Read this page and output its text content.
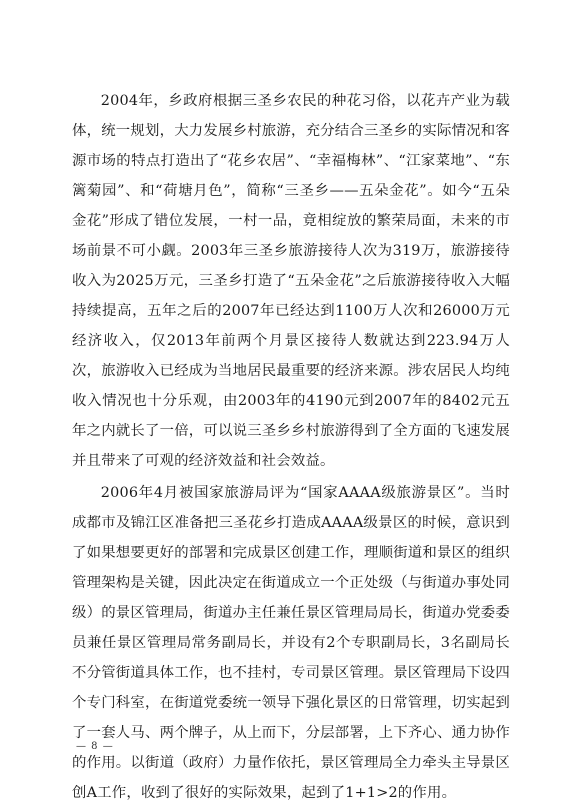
2004年，乡政府根据三圣乡农民的种花习俗，以花卉产业为载体，统一规划，大力发展乡村旅游，充分结合三圣乡的实际情况和客源市场的特点打造出了“花乡农居”、“幸福梅林”、“江家菜地”、“东篱菊园”、和“荷塘月色”，简称“三圣乡——五朵金花”。如今“五朵金花”形成了错位发展，一村一品，竟相绽放的繁荣局面，未来的市场前景不可小觑。2003年三圣乡旅游接待人次为319万，旅游接待收入为2025万元，三圣乡打造了“五朵金花”之后旅游接待收入大幅持续提高，五年之后的2007年已经达到1100万人次和26000万元经济收入，仅2013年前两个月景区接待人数就达到223.94万人次，旅游收入已经成为当地居民最重要的经济来源。涉农居民人均纯收入情况也十分乐观，由2003年的4190元到2007年的8402元五年之内就长了一倍，可以说三圣乡乡村旅游得到了全方面的飞速发展并且带来了可观的经济效益和社会效益。

2006年4月被国家旅游局评为“国家AAAA级旅游景区”。当时成都市及锦江区准备把三圣花乡打造成AAAA级景区的时候，意识到了如果想要更好的部署和完成景区创建工作，理顺街道和景区的组织管理架构是关键，因此决定在街道成立一个正处级（与街道办事处同级）的景区管理局，街道办主任兼任景区管理局局长，街道办党委委员兼任景区管理局常务副局长，并设有2个专职副局长，3名副局长不分管街道具体工作，也不挂村，专司景区管理。景区管理局下设四个专门科室，在街道党委统一领导下强化景区的日常管理，切实起到了一套人马、两个牌子，从上而下，分层部署，上下齐心、通力协作的作用。以街道（政府）力量作依托，景区管理局全力牵头主导景区创A工作，收到了很好的实际效果，起到了1+1>2的作用。

— 8 —
